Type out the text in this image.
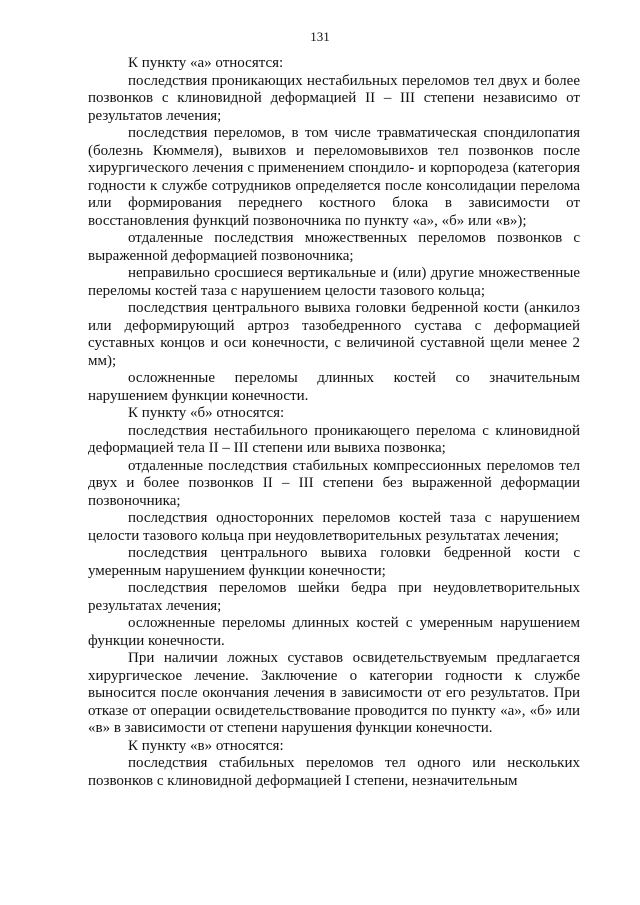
131

К пункту «а» относятся:

последствия проникающих нестабильных переломов тел двух и более позвонков с клиновидной деформацией II – III степени независимо от результатов лечения;

последствия переломов, в том числе травматическая спондилопатия (болезнь Кюммеля), вывихов и переломовывихов тел позвонков после хирургического лечения с применением спондило- и корпородеза (категория годности к службе сотрудников определяется после консолидации перелома или формирования переднего костного блока в зависимости от восстановления функций позвоночника по пункту «а», «б» или «в»);

отдаленные последствия множественных переломов позвонков с выраженной деформацией позвоночника;

неправильно сросшиеся вертикальные и (или) другие множественные переломы костей таза с нарушением целости тазового кольца;

последствия центрального вывиха головки бедренной кости (анкилоз или деформирующий артроз тазобедренного сустава с деформацией суставных концов и оси конечности, с величиной суставной щели менее 2 мм);

осложненные переломы длинных костей со значительным нарушением функции конечности.

К пункту «б» относятся:

последствия нестабильного проникающего перелома с клиновидной деформацией тела II – III степени или вывиха позвонка;

отдаленные последствия стабильных компрессионных переломов тел двух и более позвонков II – III степени без выраженной деформации позвоночника;

последствия односторонних переломов костей таза с нарушением целости тазового кольца при неудовлетворительных результатах лечения;

последствия центрального вывиха головки бедренной кости с умеренным нарушением функции конечности;

последствия переломов шейки бедра при неудовлетворительных результатах лечения;

осложненные переломы длинных костей с умеренным нарушением функции конечности.

При наличии ложных суставов освидетельствуемым предлагается хирургическое лечение. Заключение о категории годности к службе выносится после окончания лечения в зависимости от его результатов. При отказе от операции освидетельствование проводится по пункту «а», «б» или «в» в зависимости от степени нарушения функции конечности.

К пункту «в» относятся:

последствия стабильных переломов тел одного или нескольких позвонков с клиновидной деформацией I степени, незначительным
